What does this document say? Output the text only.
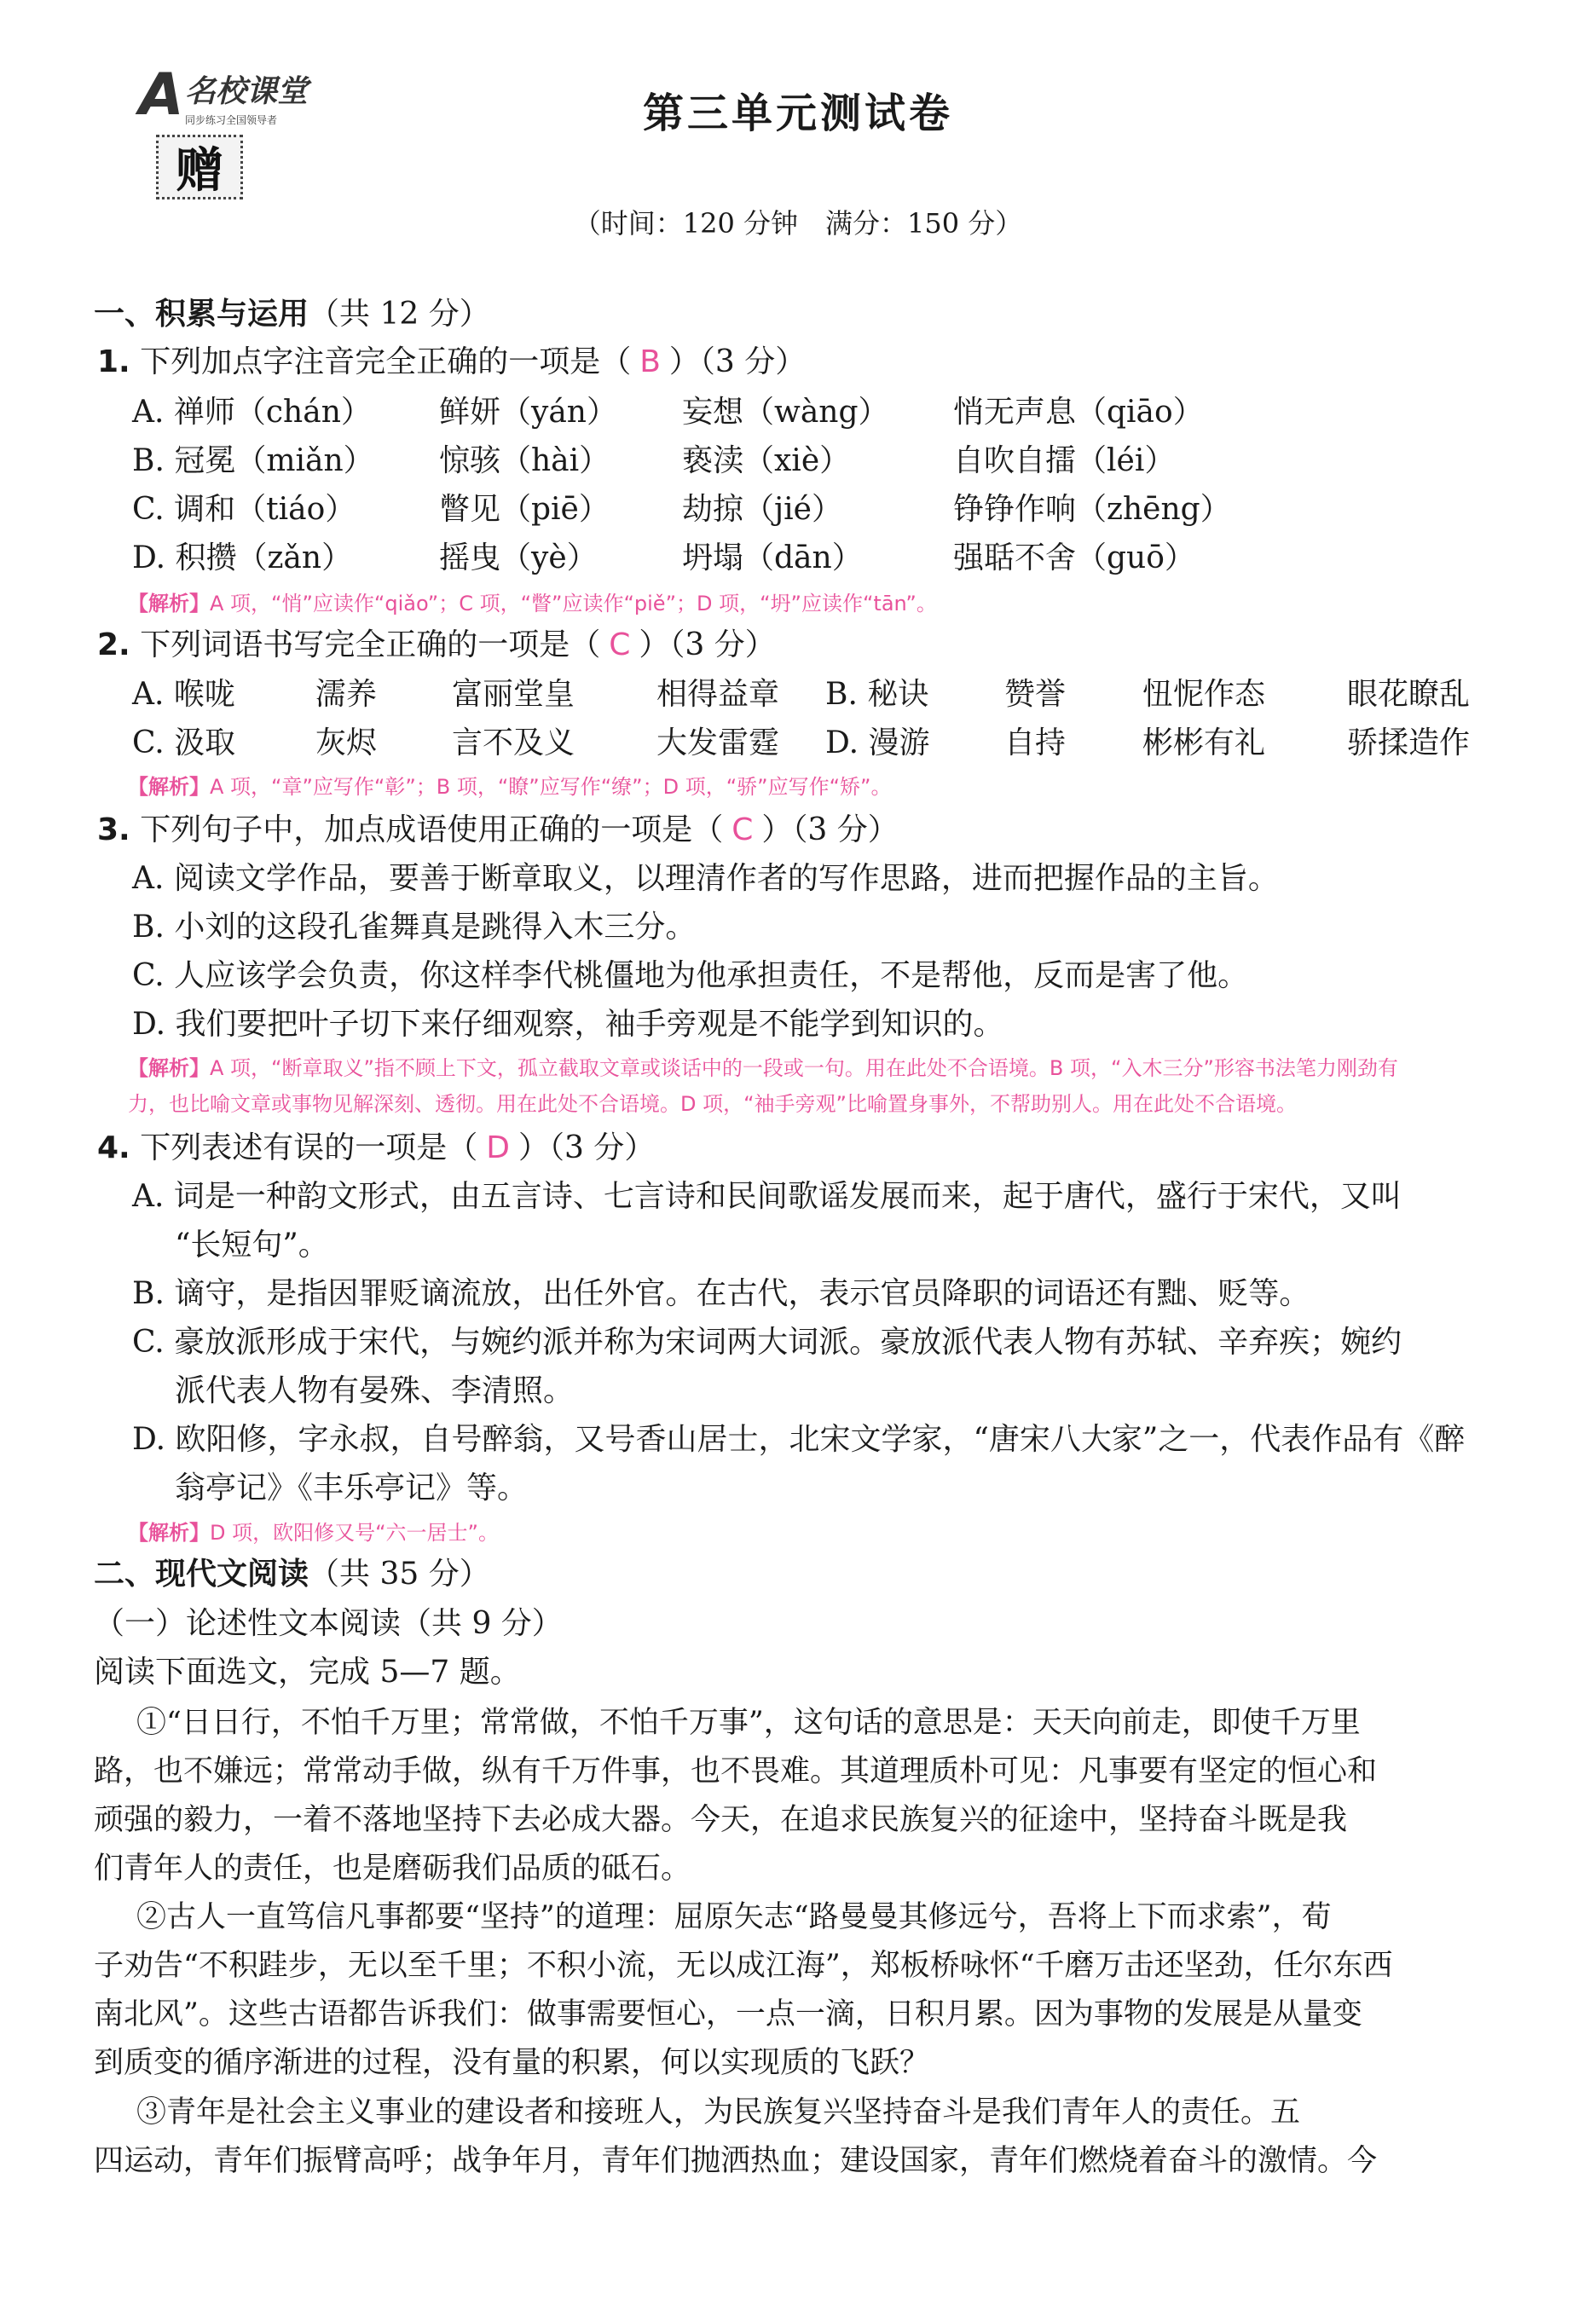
A 名校课堂
同步练习全国领导者
赠
第三单元测试卷
（时间：120 分钟　满分：150 分）
一、积累与运用（共 12 分）
1. 下列加点字注音完全正确的一项是（ B ）（3 分）
A. 禅师（chán） 鲜妍（yán） 妄想（wàng） 悄无声息（qiāo）
B. 冠冕（miǎn） 惊骇（hài） 亵渎（xiè）	自吹自擂（léi）
C. 调和（tiáo）	瞥见（piē） 劫掠（jié）	铮铮作响（zhēng）
D. 积攒（zǎn）	摇曳（yè）	坍塌（dān）	强聒不舍（guō）
【解析】A 项，“悄”应读作“qiǎo”；C 项，“瞥”应读作“piě”；D 项，“坍”应读作“tān”。
2. 下列词语书写完全正确的一项是（ C ）（3 分）
A. 喉咙	濡养 富丽堂皇	相得益章 B. 秘诀 赞誉 忸怩作态	眼花瞭乱
C. 汲取	灰烬 言不及义	大发雷霆 D. 漫游 自持 彬彬有礼	骄揉造作
【解析】A 项，“章”应写作“彰”；B 项，“瞭”应写作“缭”；D 项，“骄”应写作“矫”。
3. 下列句子中，加点成语使用正确的一项是（ C ）（3 分）
A. 阅读文学作品，要善于断章取义，以理清作者的写作思路，进而把握作品的主旨。
B. 小刘的这段孔雀舞真是跳得入木三分。
C. 人应该学会负责，你这样李代桃僵地为他承担责任，不是帮他，反而是害了他。
D. 我们要把叶子切下来仔细观察，袖手旁观是不能学到知识的。
【解析】A 项，“断章取义”指不顾上下文，孤立截取文章或谈话中的一段或一句。用在此处不合语境。B 项，“入木三分”形容书法笔力刚劲有
力，也比喻文章或事物见解深刻、透彻。用在此处不合语境。D 项，“袖手旁观”比喻置身事外，不帮助别人。用在此处不合语境。
4. 下列表述有误的一项是（ D ）（3 分）
A. 词是一种韵文形式，由五言诗、七言诗和民间歌谣发展而来，起于唐代，盛行于宋代，又叫
“长短句”。
B. 谪守，是指因罪贬谪流放，出任外官。在古代，表示官员降职的词语还有黜、贬等。
C. 豪放派形成于宋代，与婉约派并称为宋词两大词派。豪放派代表人物有苏轼、辛弃疾；婉约
派代表人物有晏殊、李清照。
D. 欧阳修，字永叔，自号醉翁，又号香山居士，北宋文学家，“唐宋八大家”之一，代表作品有《醉
翁亭记》《丰乐亭记》等。
【解析】D 项，欧阳修又号“六一居士”。
二、现代文阅读（共 35 分）
（一）论述性文本阅读（共 9 分）
阅读下面选文，完成 5—7 题。
①“日日行，不怕千万里；常常做，不怕千万事”，这句话的意思是：天天向前走，即使千万里
路，也不嫌远；常常动手做，纵有千万件事，也不畏难。其道理质朴可见：凡事要有坚定的恒心和
顽强的毅力，一着不落地坚持下去必成大器。今天，在追求民族复兴的征途中，坚持奋斗既是我
们青年人的责任，也是磨砺我们品质的砥石。
②古人一直笃信凡事都要“坚持”的道理：屈原矢志“路曼曼其修远兮，吾将上下而求索”，荀
子劝告“不积跬步，无以至千里；不积小流，无以成江海”，郑板桥咏怀“千磨万击还坚劲，任尔东西
南北风”。这些古语都告诉我们：做事需要恒心，一点一滴，日积月累。因为事物的发展是从量变
到质变的循序渐进的过程，没有量的积累，何以实现质的飞跃？
③青年是社会主义事业的建设者和接班人，为民族复兴坚持奋斗是我们青年人的责任。五
四运动，青年们振臂高呼；战争年月，青年们抛洒热血；建设国家，青年们燃烧着奋斗的激情。今
